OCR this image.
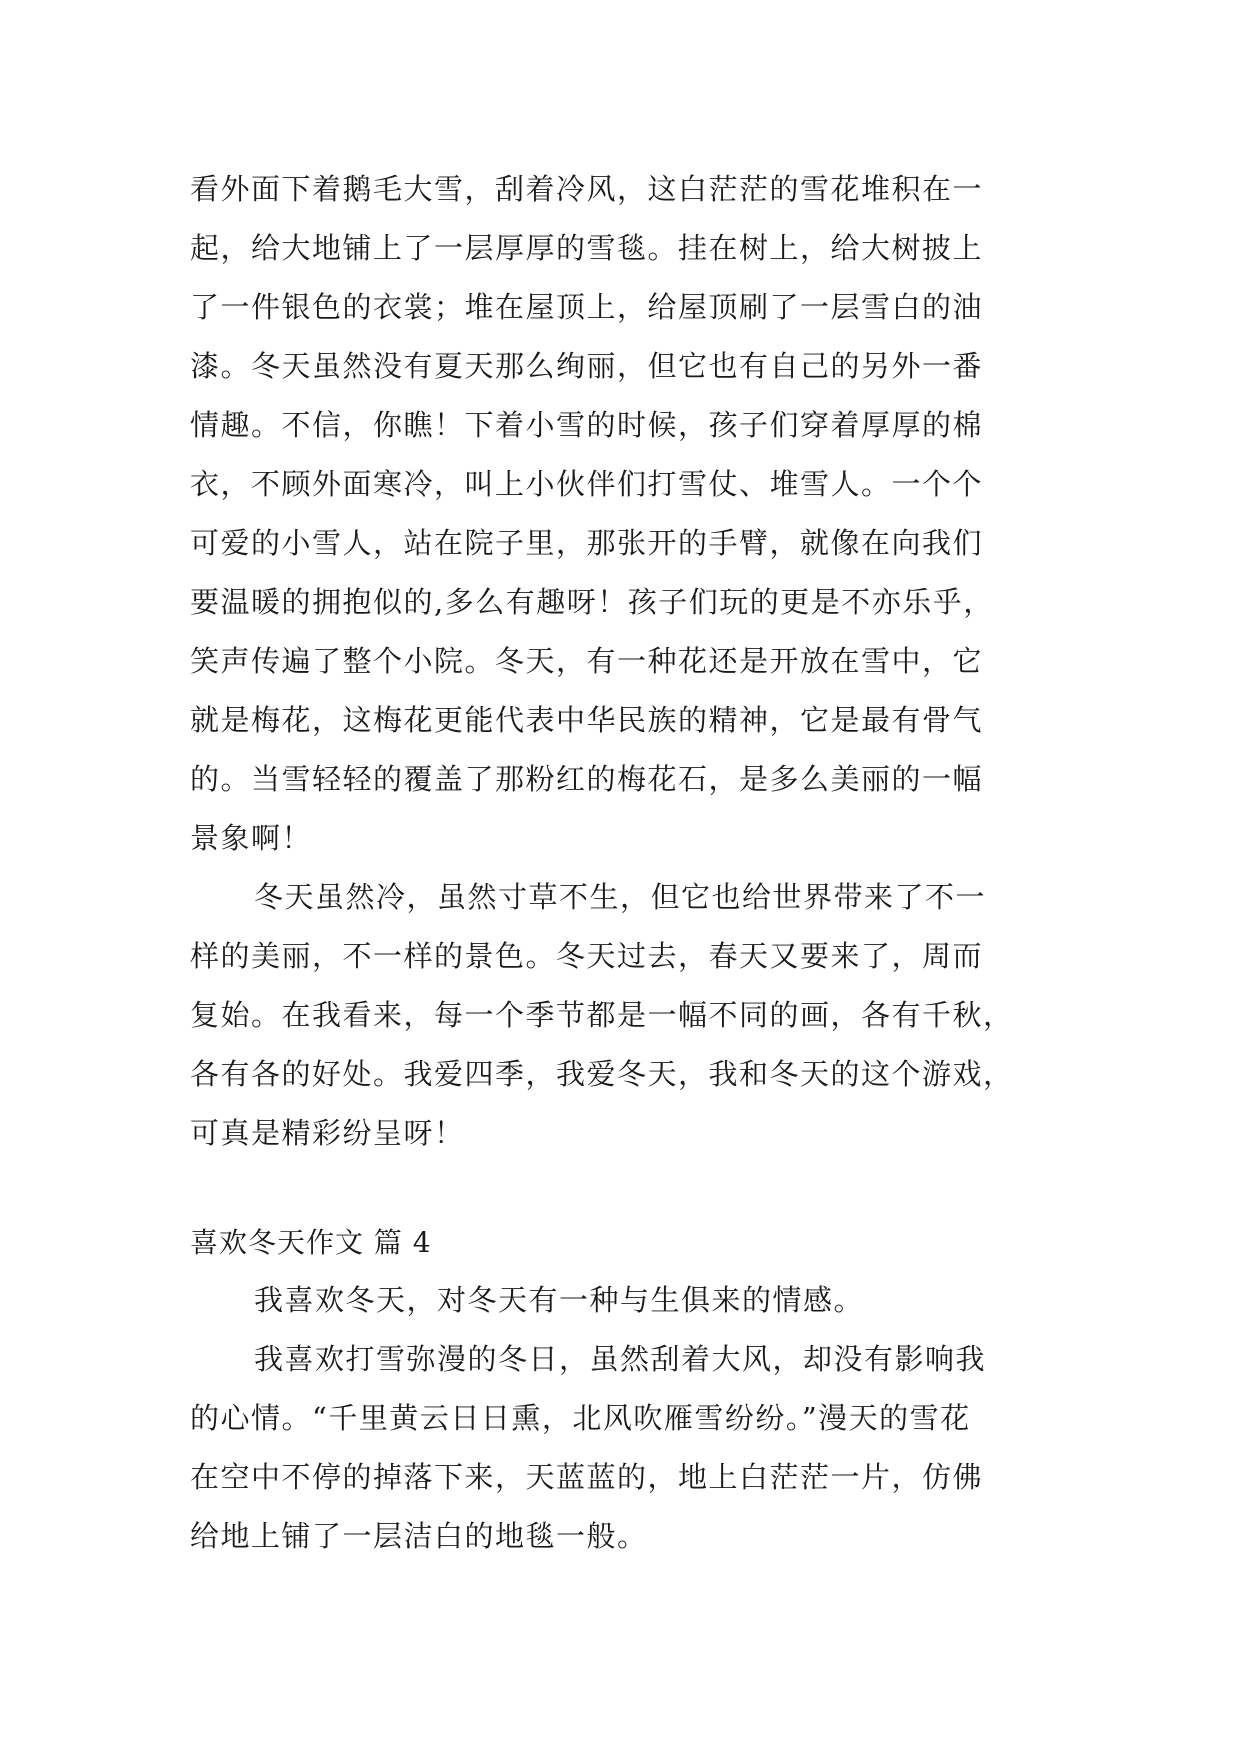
看外面下着鹅毛大雪，刮着冷风，这白茫茫的雪花堆积在一
起，给大地铺上了一层厚厚的雪毯。挂在树上，给大树披上
了一件银色的衣裳；堆在屋顶上，给屋顶刷了一层雪白的油
漆。冬天虽然没有夏天那么绚丽，但它也有自己的另外一番
情趣。不信，你瞧！下着小雪的时候，孩子们穿着厚厚的棉
衣，不顾外面寒冷，叫上小伙伴们打雪仗、堆雪人。一个个
可爱的小雪人，站在院子里，那张开的手臂，就像在向我们
要温暖的拥抱似的,多么有趣呀！孩子们玩的更是不亦乐乎，
笑声传遍了整个小院。冬天，有一种花还是开放在雪中，它
就是梅花，这梅花更能代表中华民族的精神，它是最有骨气
的。当雪轻轻的覆盖了那粉红的梅花石，是多么美丽的一幅
景象啊！
冬天虽然冷，虽然寸草不生，但它也给世界带来了不一
样的美丽，不一样的景色。冬天过去，春天又要来了，周而
复始。在我看来，每一个季节都是一幅不同的画，各有千秋，
各有各的好处。我爱四季，我爱冬天，我和冬天的这个游戏，
可真是精彩纷呈呀！
喜欢冬天作文 篇 4
我喜欢冬天，对冬天有一种与生俱来的情感。
我喜欢打雪弥漫的冬日，虽然刮着大风，却没有影响我
的心情。“千里黄云日日熏，北风吹雁雪纷纷。”漫天的雪花
在空中不停的掉落下来，天蓝蓝的，地上白茫茫一片，仿佛
给地上铺了一层洁白的地毯一般。
